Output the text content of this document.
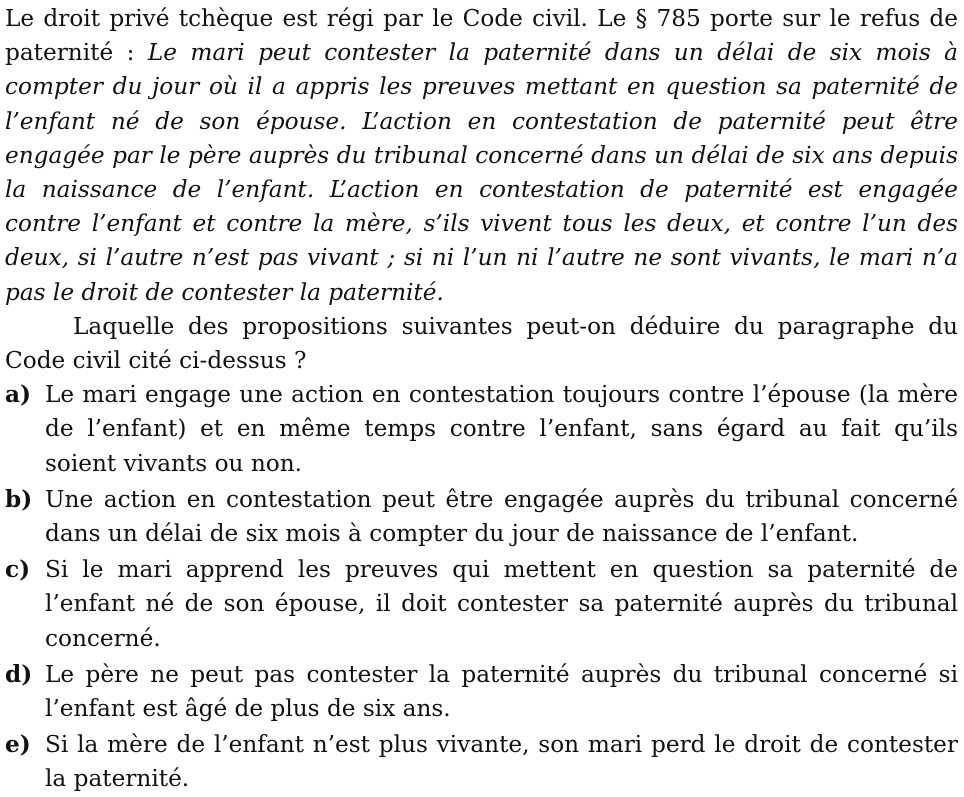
Le droit privé tchèque est régi par le Code civil. Le § 785 porte sur le refus de paternité : Le mari peut contester la paternité dans un délai de six mois à compter du jour où il a appris les preuves mettant en question sa paternité de l’enfant né de son épouse. L’action en contestation de paternité peut être engagée par le père auprès du tribunal concerné dans un délai de six ans depuis la naissance de l’enfant. L’action en contestation de paternité est engagée contre l’enfant et contre la mère, s’ils vivent tous les deux, et contre l’un des deux, si l’autre n’est pas vivant ; si ni l’un ni l’autre ne sont vivants, le mari n’a pas le droit de contester la paternité.

Laquelle des propositions suivantes peut-on déduire du paragraphe du Code civil cité ci-dessus ?

a) Le mari engage une action en contestation toujours contre l’épouse (la mère de l’enfant) et en même temps contre l’enfant, sans égard au fait qu’ils soient vivants ou non.
b) Une action en contestation peut être engagée auprès du tribunal concerné dans un délai de six mois à compter du jour de naissance de l’enfant.
c) Si le mari apprend les preuves qui mettent en question sa paternité de l’enfant né de son épouse, il doit contester sa paternité auprès du tribunal concerné.
d) Le père ne peut pas contester la paternité auprès du tribunal concerné si l’enfant est âgé de plus de six ans.
e) Si la mère de l’enfant n’est plus vivante, son mari perd le droit de contester la paternité.
